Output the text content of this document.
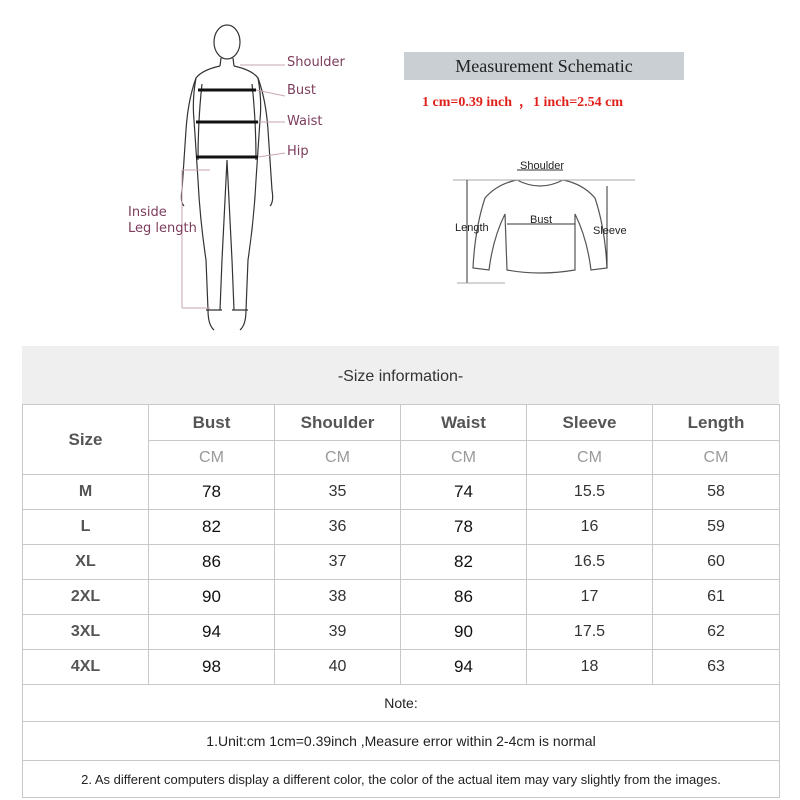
Shoulder
Bust
Waist
Hip
Inside
Leg length
Measurement Schematic
1 cm=0.39 inch  ，1 inch=2.54 cm
Shoulder
Bust
Length	Sleeve
-Size information-
Size	Bust	Shoulder	Waist	Sleeve	Length
	CM	CM	CM	CM	CM
M	78	35	74	15.5	58
L	82	36	78	16	59
XL	86	37	82	16.5	60
2XL	90	38	86	17	61
3XL	94	39	90	17.5	62
4XL	98	40	94	18	63
Note:					
1.Unit:cm 1cm=0.39inch ,Measure error within 2-4cm is normal					
2. As different computers display a different color, the color of the actual item may vary slightly from the images.					
